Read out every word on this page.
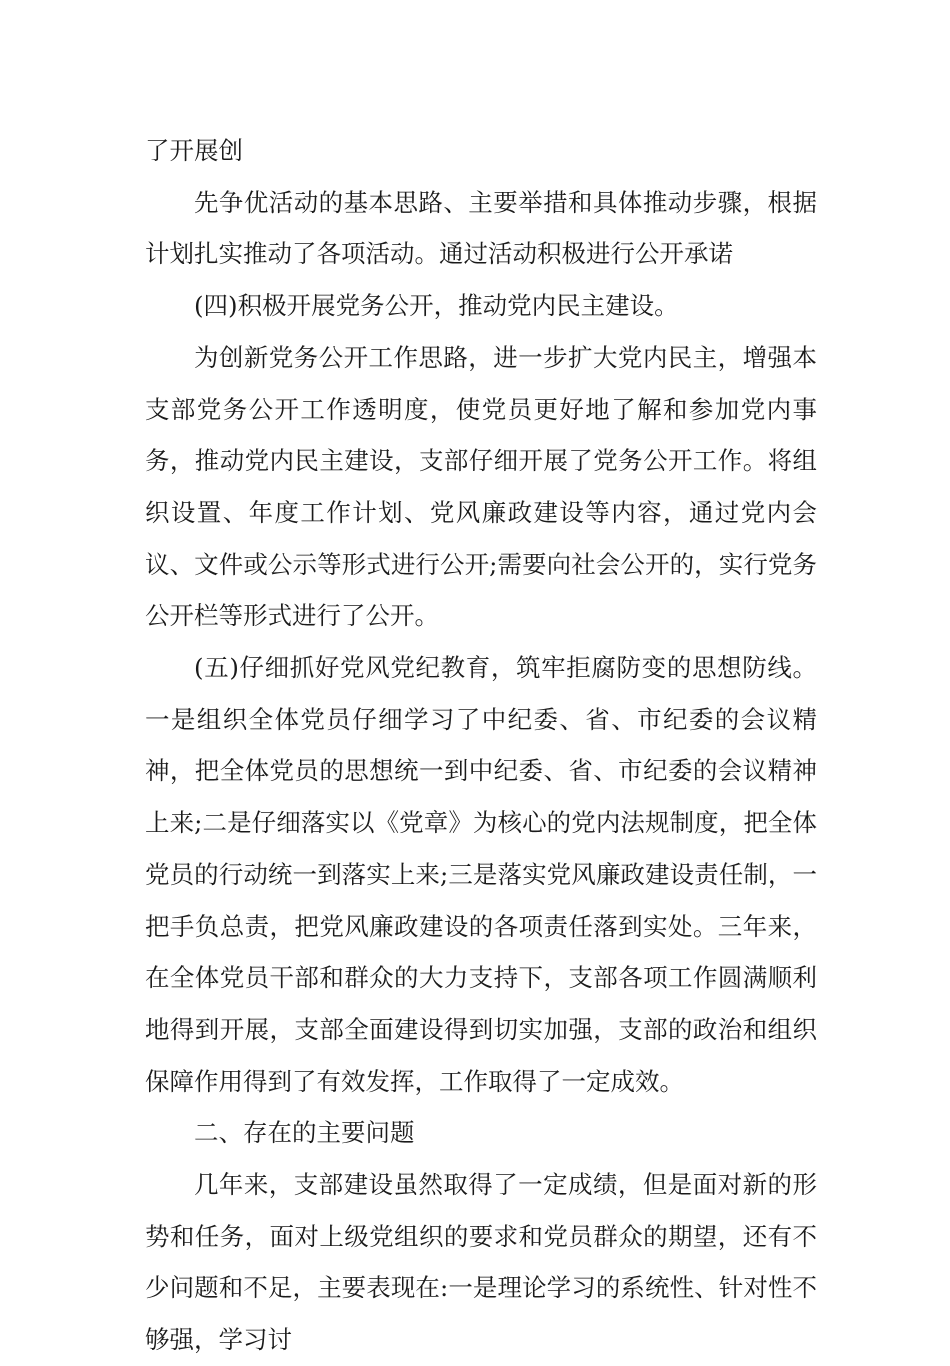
了开展创

先争优活动的基本思路、主要举措和具体推动步骤，根据计划扎实推动了各项活动。通过活动积极进行公开承诺

(四)积极开展党务公开，推动党内民主建设。

为创新党务公开工作思路，进一步扩大党内民主，增强本支部党务公开工作透明度，使党员更好地了解和参加党内事务，推动党内民主建设，支部仔细开展了党务公开工作。将组织设置、年度工作计划、党风廉政建设等内容，通过党内会议、文件或公示等形式进行公开;需要向社会公开的，实行党务公开栏等形式进行了公开。

(五)仔细抓好党风党纪教育，筑牢拒腐防变的思想防线。一是组织全体党员仔细学习了中纪委、省、市纪委的会议精神，把全体党员的思想统一到中纪委、省、市纪委的会议精神上来;二是仔细落实以《党章》为核心的党内法规制度，把全体党员的行动统一到落实上来;三是落实党风廉政建设责任制，一把手负总责，把党风廉政建设的各项责任落到实处。三年来，在全体党员干部和群众的大力支持下，支部各项工作圆满顺利地得到开展，支部全面建设得到切实加强，支部的政治和组织保障作用得到了有效发挥，工作取得了一定成效。

二、存在的主要问题

几年来，支部建设虽然取得了一定成绩，但是面对新的形势和任务，面对上级党组织的要求和党员群众的期望，还有不少问题和不足，主要表现在:一是理论学习的系统性、针对性不够强，学习讨
